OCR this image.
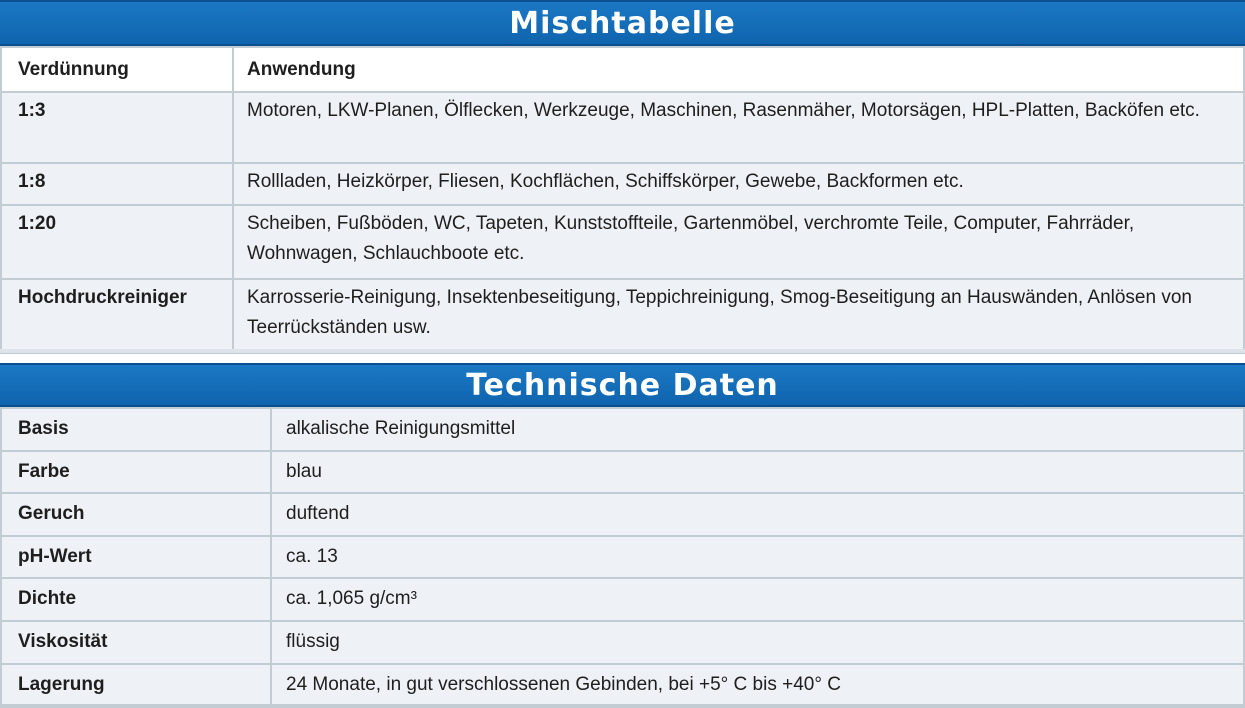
Mischtabelle
Verdünnung	Anwendung
1:3	Motoren, LKW-Planen, Ölflecken, Werkzeuge, Maschinen, Rasenmäher, Motorsägen, HPL-Platten, Backöfen etc.
1:8	Rollladen, Heizkörper, Fliesen, Kochflächen, Schiffskörper, Gewebe, Backformen etc.
1:20	Scheiben, Fußböden, WC, Tapeten, Kunststoffteile, Gartenmöbel, verchromte Teile, Computer, Fahrräder, Wohnwagen, Schlauchboote etc.
Hochdruckreiniger	Karrosserie-Reinigung, Insektenbeseitigung, Teppichreinigung, Smog-Beseitigung an Hauswänden, Anlösen von Teerrückständen usw.
Technische Daten
Basis	alkalische Reinigungsmittel
Farbe	blau
Geruch	duftend
pH-Wert	ca. 13
Dichte	ca. 1,065 g/cm³
Viskosität	flüssig
Lagerung	24 Monate, in gut verschlossenen Gebinden, bei +5° C bis +40° C
